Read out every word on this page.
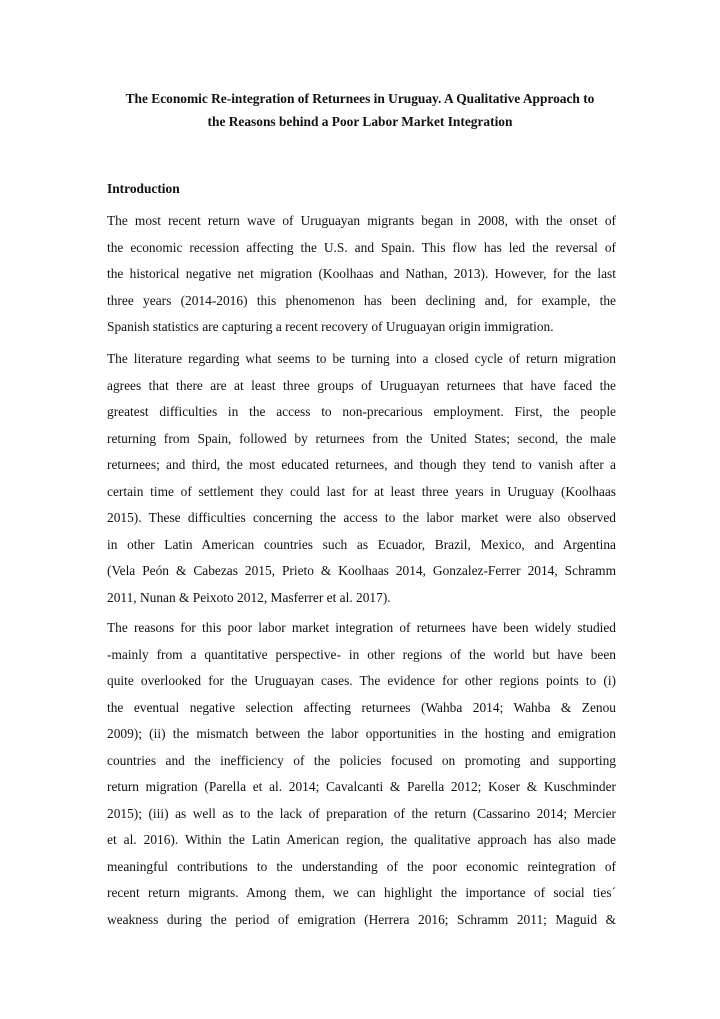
The Economic Re-integration of Returnees in Uruguay. A Qualitative Approach to
the Reasons behind a Poor Labor Market Integration
Introduction
The most recent return wave of Uruguayan migrants began in 2008, with the onset of
the economic recession affecting the U.S. and Spain. This flow has led the reversal of
the historical negative net migration (Koolhaas and Nathan, 2013). However, for the last
three years (2014-2016) this phenomenon has been declining and, for example, the
Spanish statistics are capturing a recent recovery of Uruguayan origin immigration.
The literature regarding what seems to be turning into a closed cycle of return migration
agrees that there are at least three groups of Uruguayan returnees that have faced the
greatest difficulties in the access to non-precarious employment. First, the people
returning from Spain, followed by returnees from the United States; second, the male
returnees; and third, the most educated returnees, and though they tend to vanish after a
certain time of settlement they could last for at least three years in Uruguay (Koolhaas
2015). These difficulties concerning the access to the labor market were also observed
in other Latin American countries such as Ecuador, Brazil, Mexico, and Argentina
(Vela Peón & Cabezas 2015, Prieto & Koolhaas 2014, Gonzalez-Ferrer 2014, Schramm
2011, Nunan & Peixoto 2012, Masferrer et al. 2017).
The reasons for this poor labor market integration of returnees have been widely studied
-mainly from a quantitative perspective- in other regions of the world but have been
quite overlooked for the Uruguayan cases. The evidence for other regions points to (i)
the eventual negative selection affecting returnees (Wahba 2014; Wahba & Zenou
2009); (ii) the mismatch between the labor opportunities in the hosting and emigration
countries and the inefficiency of the policies focused on promoting and supporting
return migration (Parella et al. 2014; Cavalcanti & Parella 2012; Koser & Kuschminder
2015); (iii) as well as to the lack of preparation of the return (Cassarino 2014; Mercier
et al. 2016). Within the Latin American region, the qualitative approach has also made
meaningful contributions to the understanding of the poor economic reintegration of
recent return migrants. Among them, we can highlight the importance of social ties´
weakness during the period of emigration (Herrera 2016; Schramm 2011; Maguid &
